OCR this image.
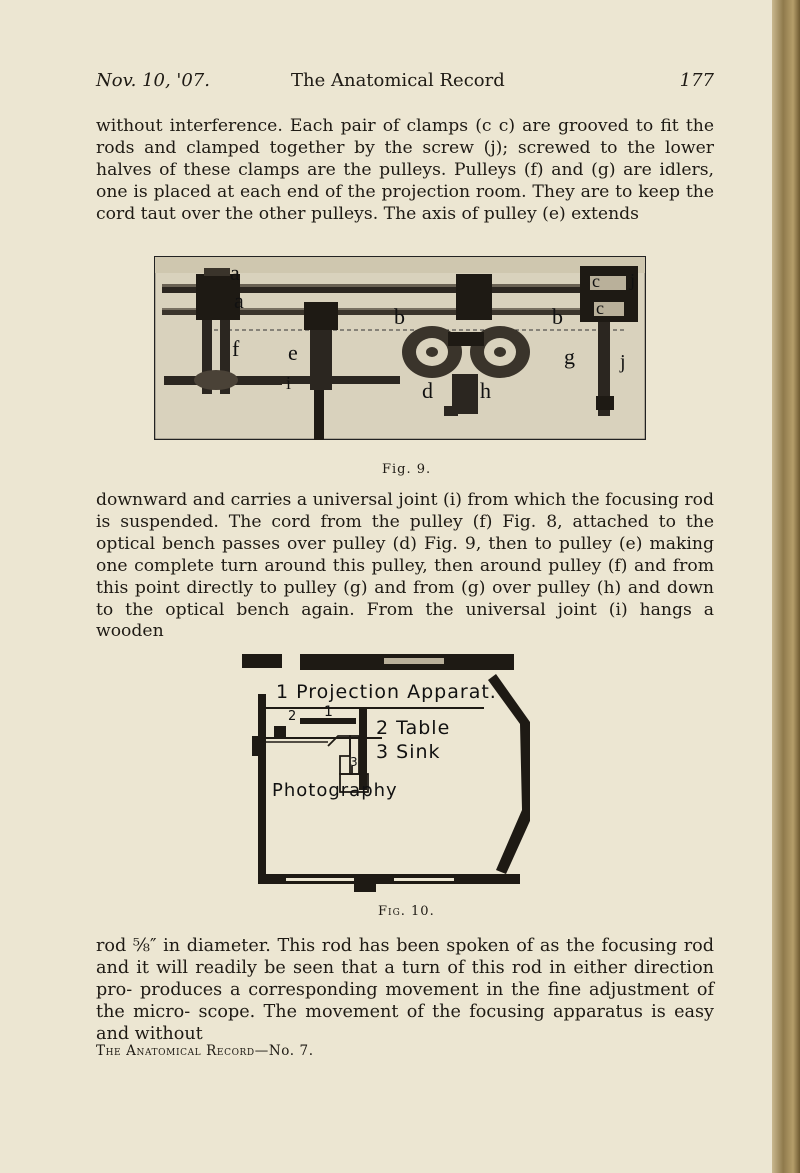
Nov. 10, '07.	The Anatomical Record	177

without interference. Each pair of clamps (c c) are grooved to fit the rods and clamped together by the screw (j); screwed to the lower halves of these clamps are the pulleys. Pulleys (f) and (g) are idlers, one is placed at each end of the projection room. They are to keep the cord taut over the other pulleys. The axis of pulley (e) extends

a
a
b	b
c
c
j
j
f e
i	d h
g
Fig. 9.

downward and carries a universal joint (i) from which the focusing rod is suspended. The cord from the pulley (f) Fig. 8, attached to the optical bench passes over pulley (d) Fig. 9, then to pulley (e) making one complete turn around this pulley, then around pulley (f) and from this point directly to pulley (g) and from (g) over pulley (h) and down to the optical bench again. From the universal joint (i) hangs a wooden

1 Projection Apparat.
2 1
3
2 Table
3 Sink
Photography
Fig. 10.

rod ⅝″ in diameter. This rod has been spoken of as the focusing rod and it will readily be seen that a turn of this rod in either direction pro- produces a corresponding movement in the fine adjustment of the micro- scope. The movement of the focusing apparatus is easy and without

The Anatomical Record—No. 7.
